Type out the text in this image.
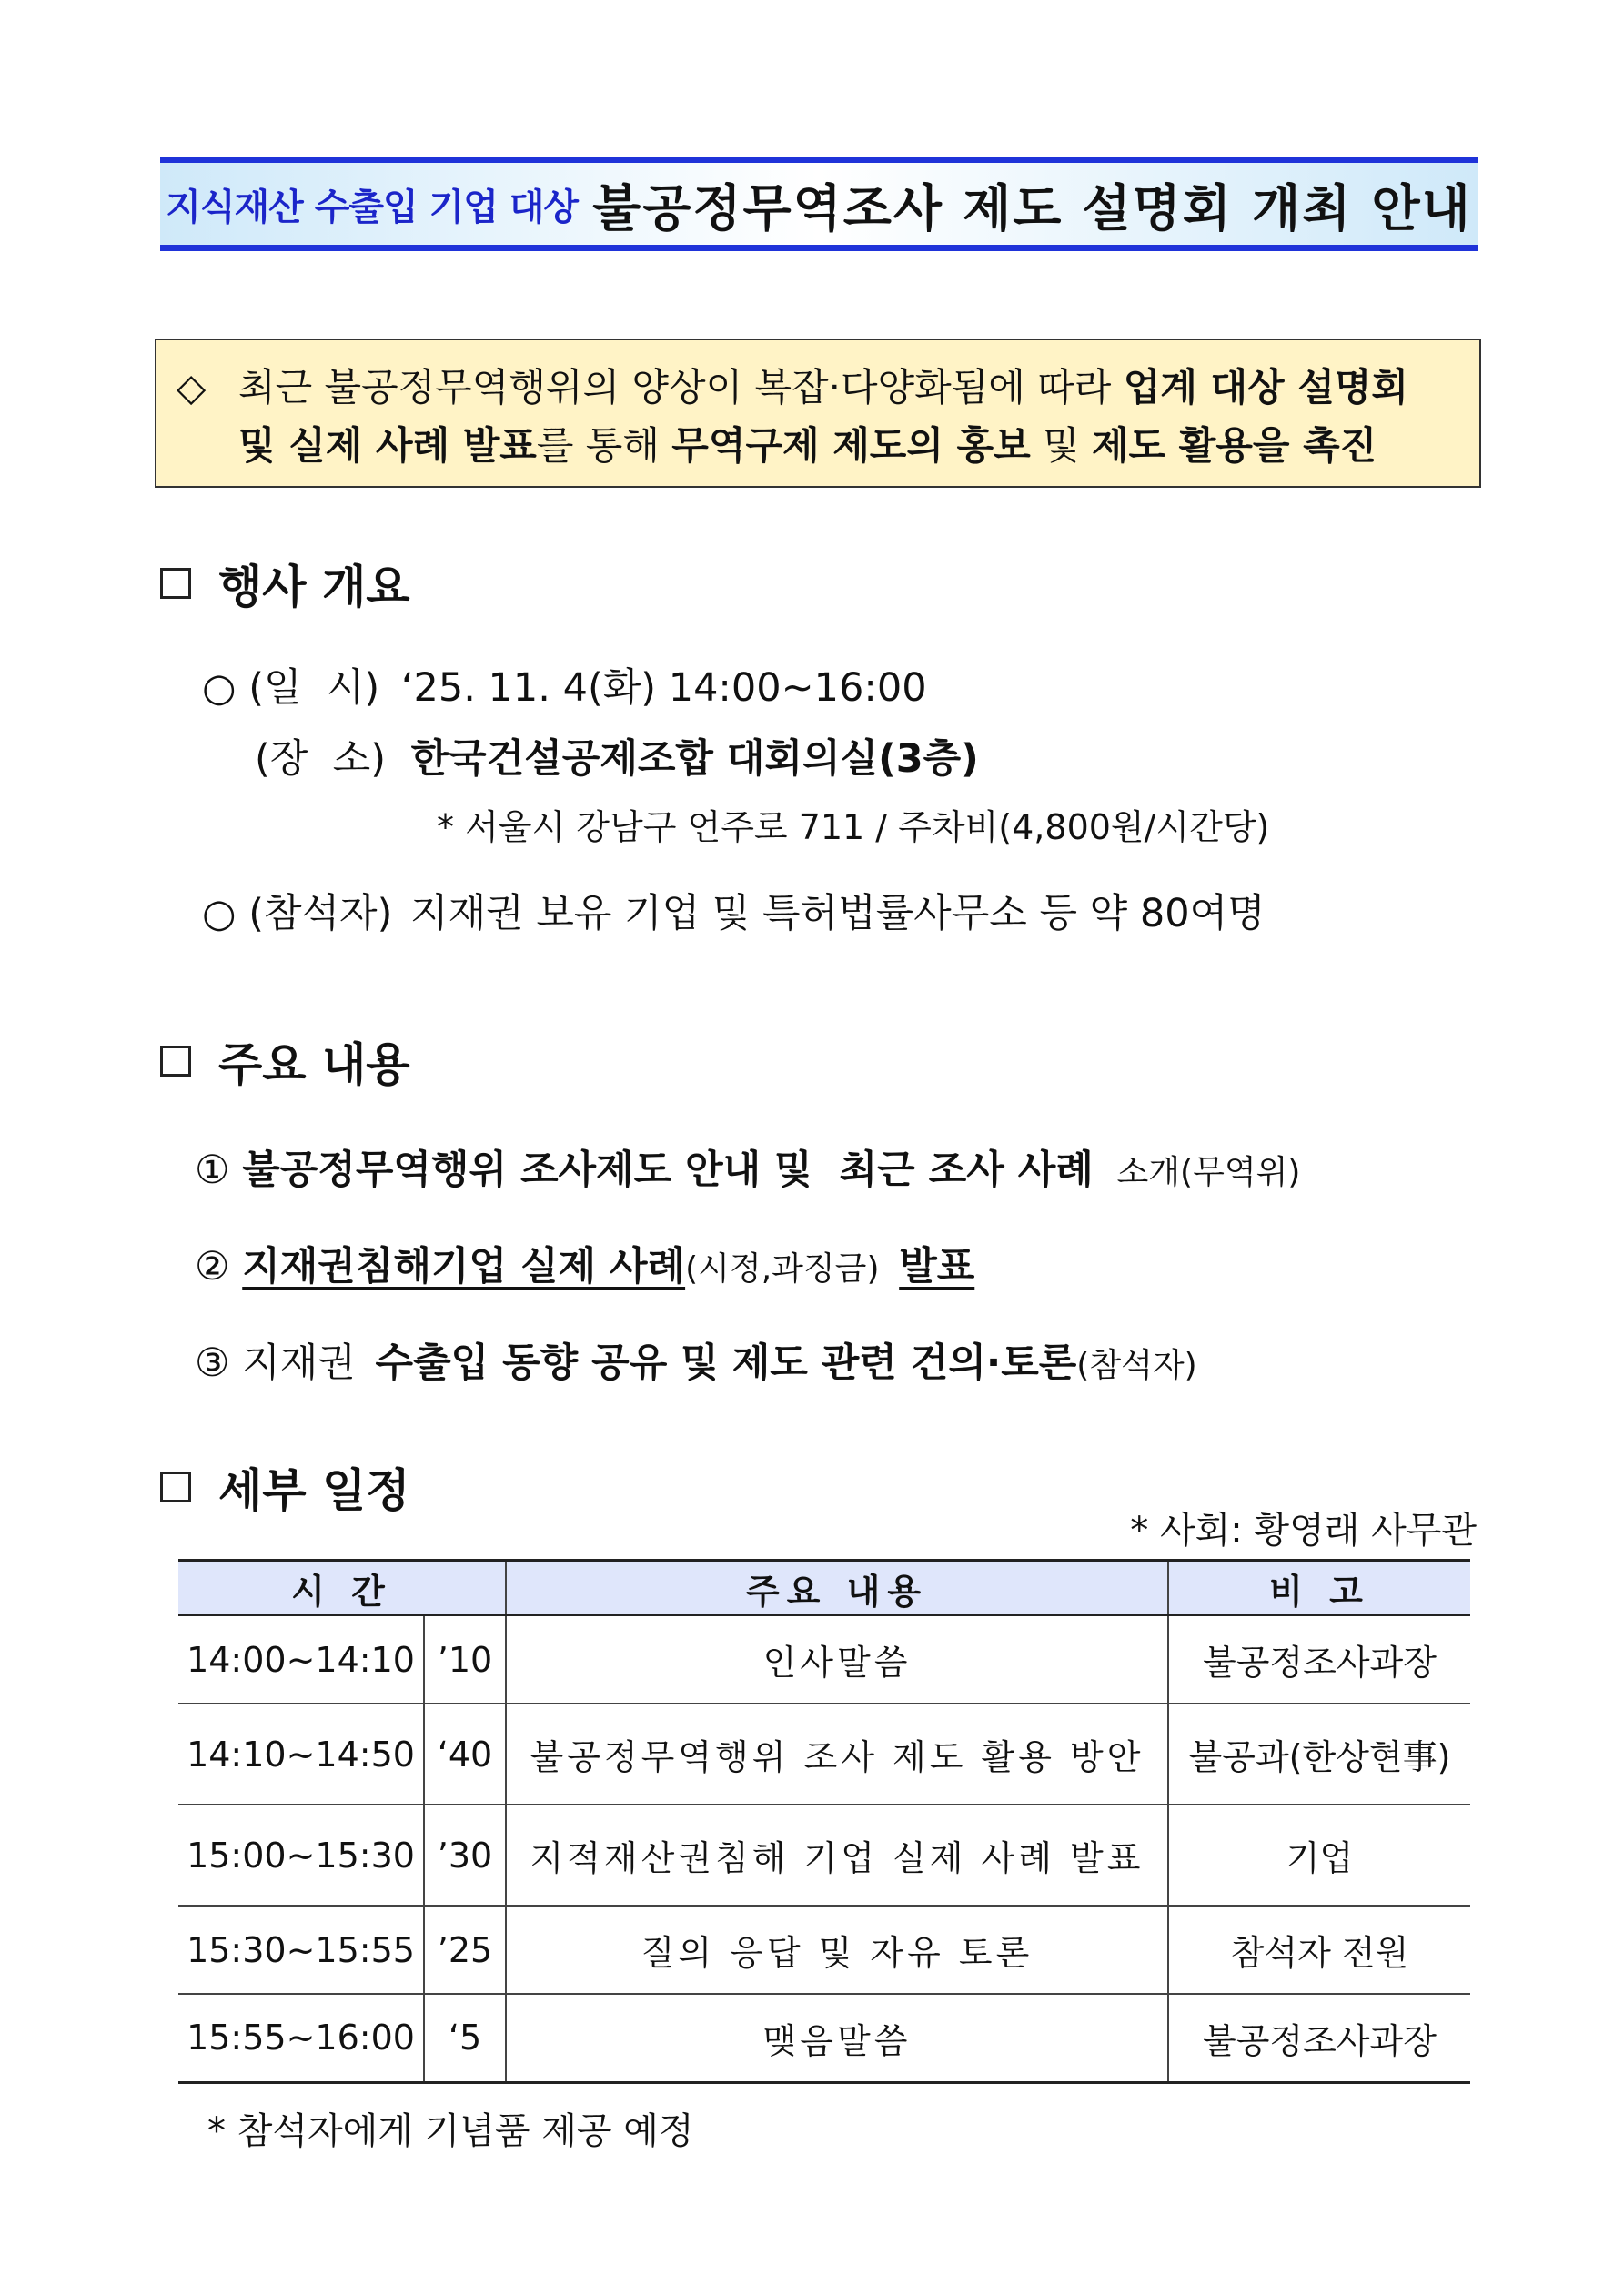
지식재산 수출입 기업 대상 불공정무역조사 제도 설명회 개최 안내
◇ 최근 불공정무역행위의 양상이 복잡·다양화됨에 따라 업계 대상 설명회
및 실제 사례 발표를 통해 무역구제 제도의 홍보 및 제도 활용을 촉진
행사 개요
○ (일  시) ‘25. 11. 4(화) 14:00~16:00
(장  소) 한국건설공제조합 대회의실(3층)
* 서울시 강남구 언주로 711 / 주차비(4,800원/시간당)
○ (참석자) 지재권 보유 기업 및 특허법률사무소 등 약 80여명
주요 내용
① 불공정무역행위 조사제도 안내 및  최근 조사 사례 소개(무역위)
② 지재권침해기업 실제 사례(시정,과징금) 발표
③ 지재권 수출입 동향 공유 및 제도 관련 건의·토론(참석자)
세부 일정
* 사회: 황영래 사무관
시 간		주요 내용	비 고
14:00~14:10	’10	인사말씀	불공정조사과장
14:10~14:50	‘40	불공정무역행위 조사 제도 활용 방안	불공과(한상현事)
15:00~15:30	’30	지적재산권침해 기업 실제 사례 발표	기업
15:30~15:55	’25	질의 응답 및 자유 토론	참석자 전원
15:55~16:00	‘5	맺음말씀	불공정조사과장
* 참석자에게 기념품 제공 예정
